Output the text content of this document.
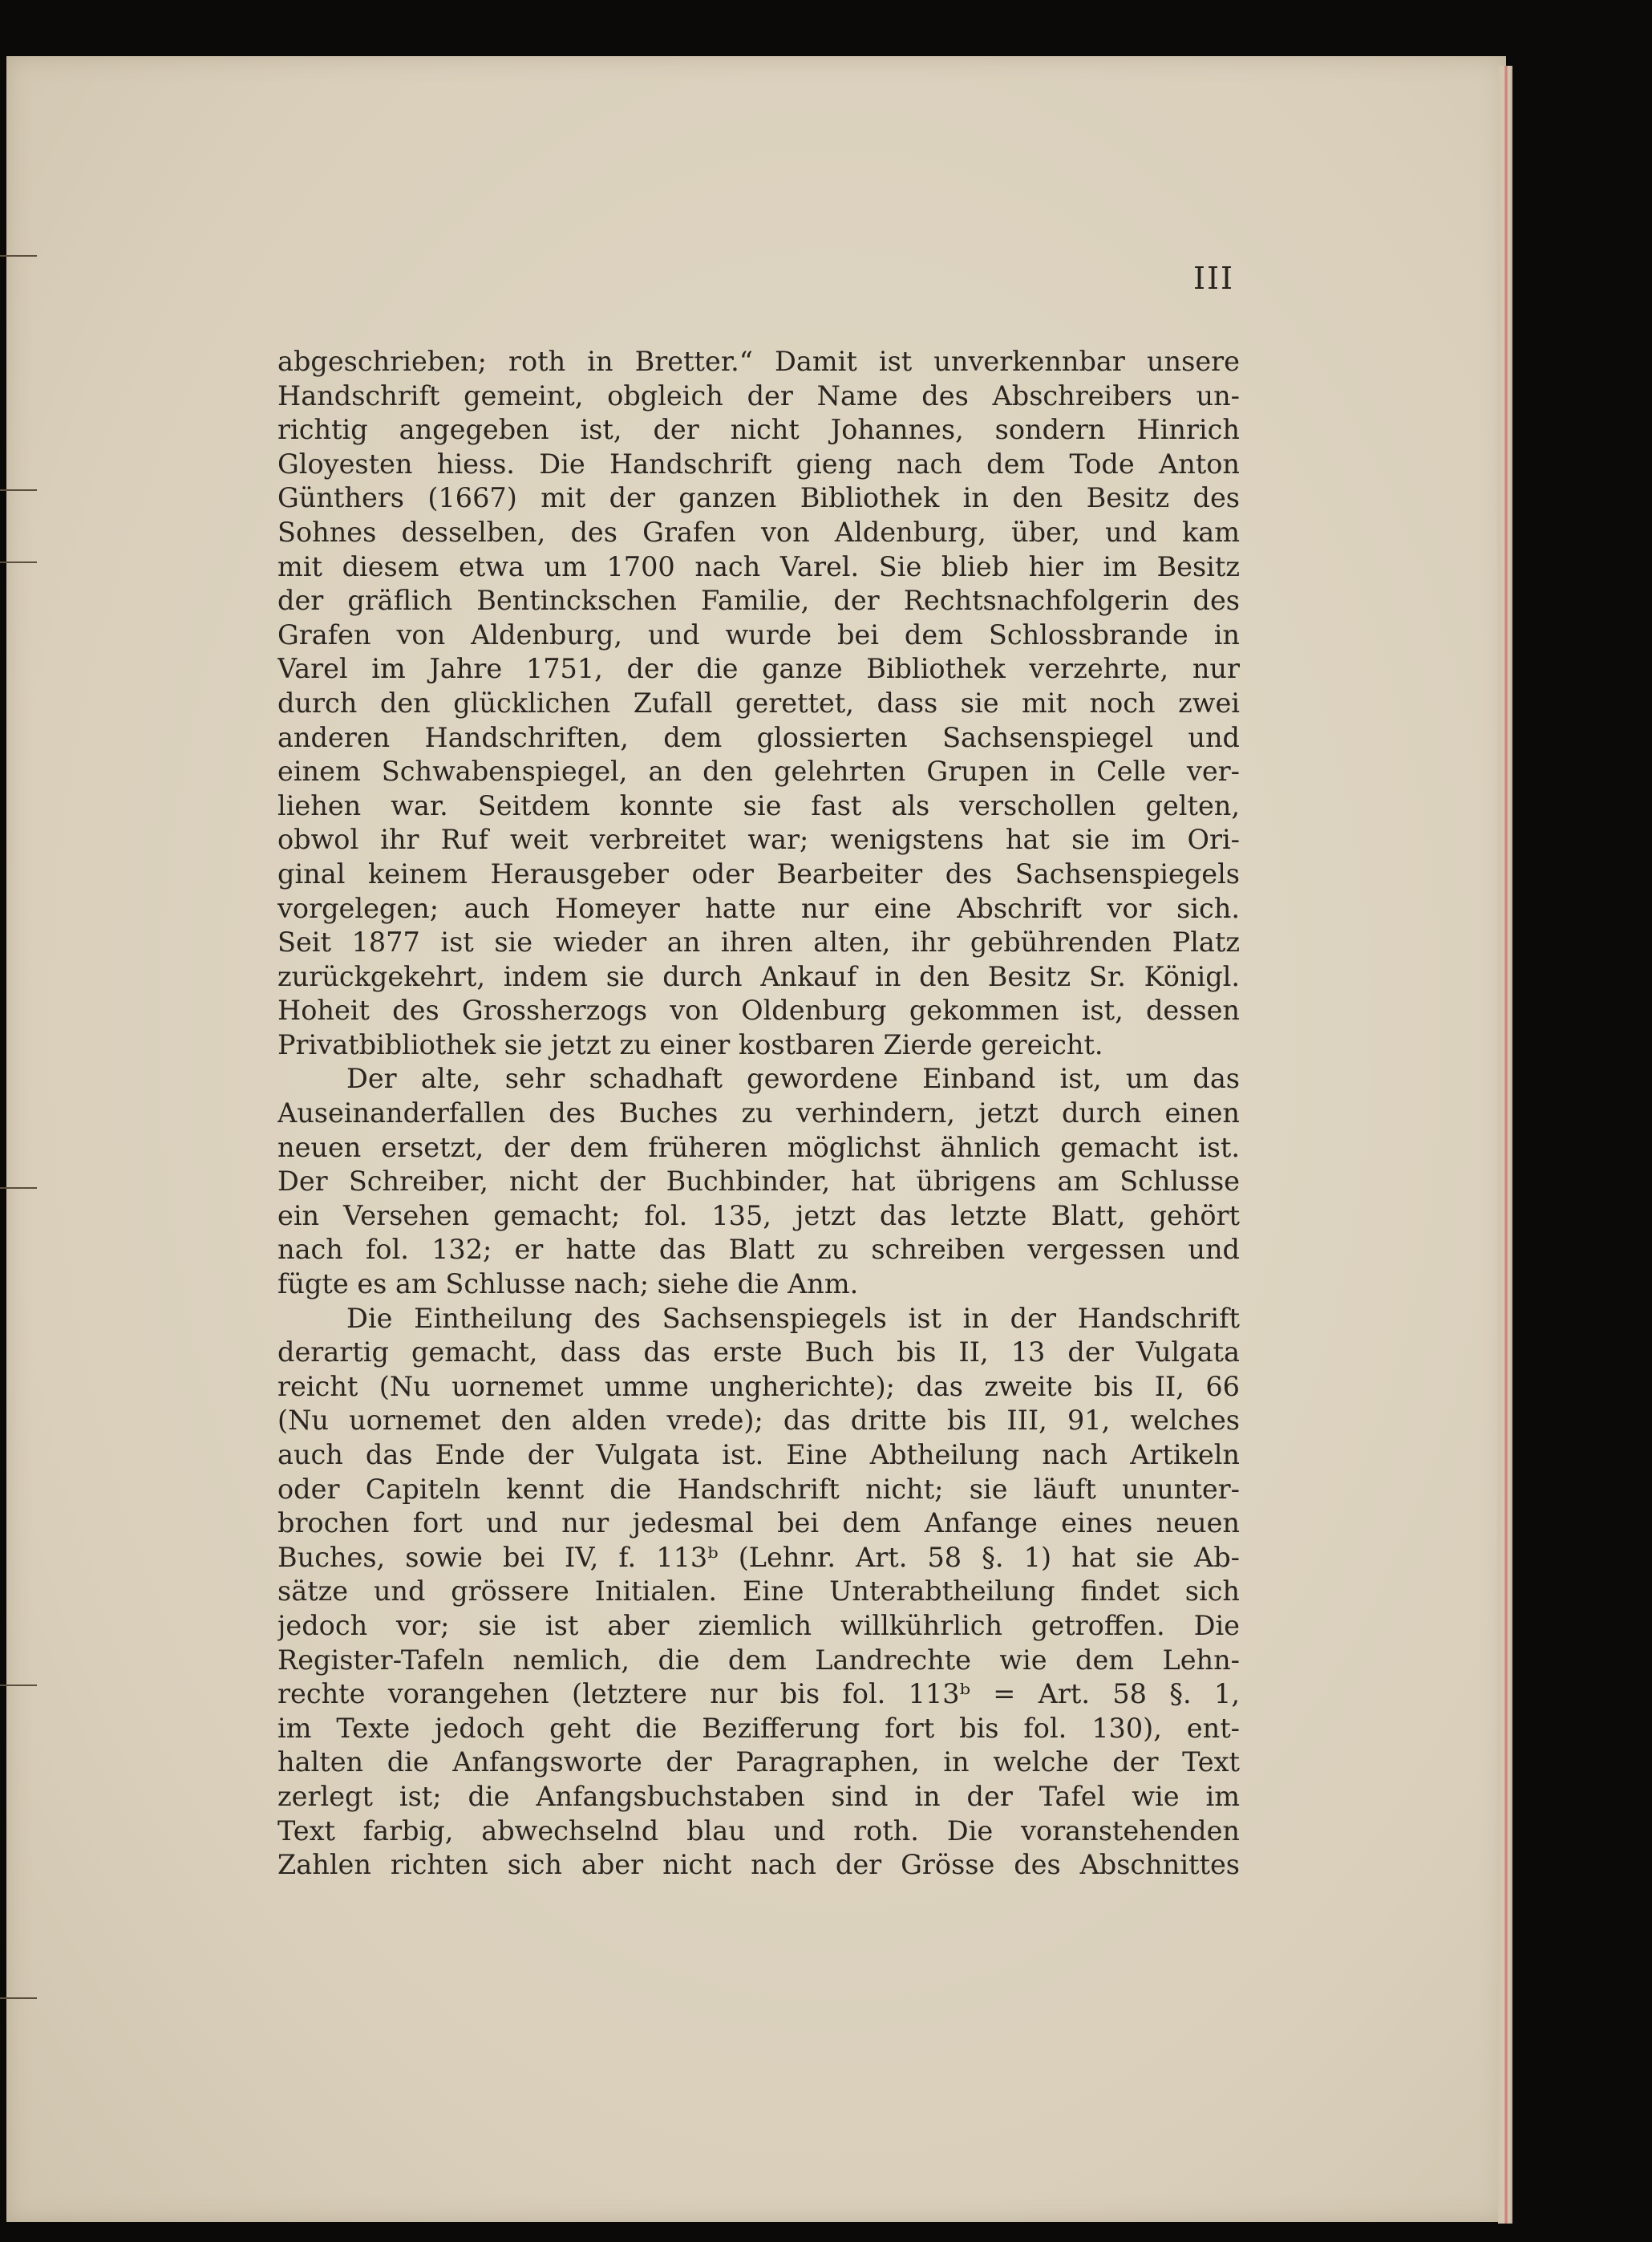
III
abgeschrieben; roth in Bretter.“ Damit ist unverkennbar unsere
Handschrift gemeint, obgleich der Name des Abschreibers un-
richtig angegeben ist, der nicht Johannes, sondern Hinrich
Gloyesten hiess. Die Handschrift gieng nach dem Tode Anton
Günthers (1667) mit der ganzen Bibliothek in den Besitz des
Sohnes desselben, des Grafen von Aldenburg, über, und kam
mit diesem etwa um 1700 nach Varel. Sie blieb hier im Besitz
der gräflich Bentinckschen Familie, der Rechtsnachfolgerin des
Grafen von Aldenburg, und wurde bei dem Schlossbrande in
Varel im Jahre 1751, der die ganze Bibliothek verzehrte, nur
durch den glücklichen Zufall gerettet, dass sie mit noch zwei
anderen Handschriften, dem glossierten Sachsenspiegel und
einem Schwabenspiegel, an den gelehrten Grupen in Celle ver-
liehen war. Seitdem konnte sie fast als verschollen gelten,
obwol ihr Ruf weit verbreitet war; wenigstens hat sie im Ori-
ginal keinem Herausgeber oder Bearbeiter des Sachsenspiegels
vorgelegen; auch Homeyer hatte nur eine Abschrift vor sich.
Seit 1877 ist sie wieder an ihren alten, ihr gebührenden Platz
zurückgekehrt, indem sie durch Ankauf in den Besitz Sr. Königl.
Hoheit des Grossherzogs von Oldenburg gekommen ist, dessen
Privatbibliothek sie jetzt zu einer kostbaren Zierde gereicht.
Der alte, sehr schadhaft gewordene Einband ist, um das
Auseinanderfallen des Buches zu verhindern, jetzt durch einen
neuen ersetzt, der dem früheren möglichst ähnlich gemacht ist.
Der Schreiber, nicht der Buchbinder, hat übrigens am Schlusse
ein Versehen gemacht; fol. 135, jetzt das letzte Blatt, gehört
nach fol. 132; er hatte das Blatt zu schreiben vergessen und
fügte es am Schlusse nach; siehe die Anm.
Die Eintheilung des Sachsenspiegels ist in der Handschrift
derartig gemacht, dass das erste Buch bis II, 13 der Vulgata
reicht (Nu uornemet umme ungherichte); das zweite bis II, 66
(Nu uornemet den alden vrede); das dritte bis III, 91, welches
auch das Ende der Vulgata ist. Eine Abtheilung nach Artikeln
oder Capiteln kennt die Handschrift nicht; sie läuft ununter-
brochen fort und nur jedesmal bei dem Anfange eines neuen
Buches, sowie bei IV, f. 113ᵇ (Lehnr. Art. 58 §. 1) hat sie Ab-
sätze und grössere Initialen. Eine Unterabtheilung findet sich
jedoch vor; sie ist aber ziemlich willkührlich getroffen. Die
Register-Tafeln nemlich, die dem Landrechte wie dem Lehn-
rechte vorangehen (letztere nur bis fol. 113ᵇ = Art. 58 §. 1,
im Texte jedoch geht die Bezifferung fort bis fol. 130), ent-
halten die Anfangsworte der Paragraphen, in welche der Text
zerlegt ist; die Anfangsbuchstaben sind in der Tafel wie im
Text farbig, abwechselnd blau und roth. Die voranstehenden
Zahlen richten sich aber nicht nach der Grösse des Abschnittes
